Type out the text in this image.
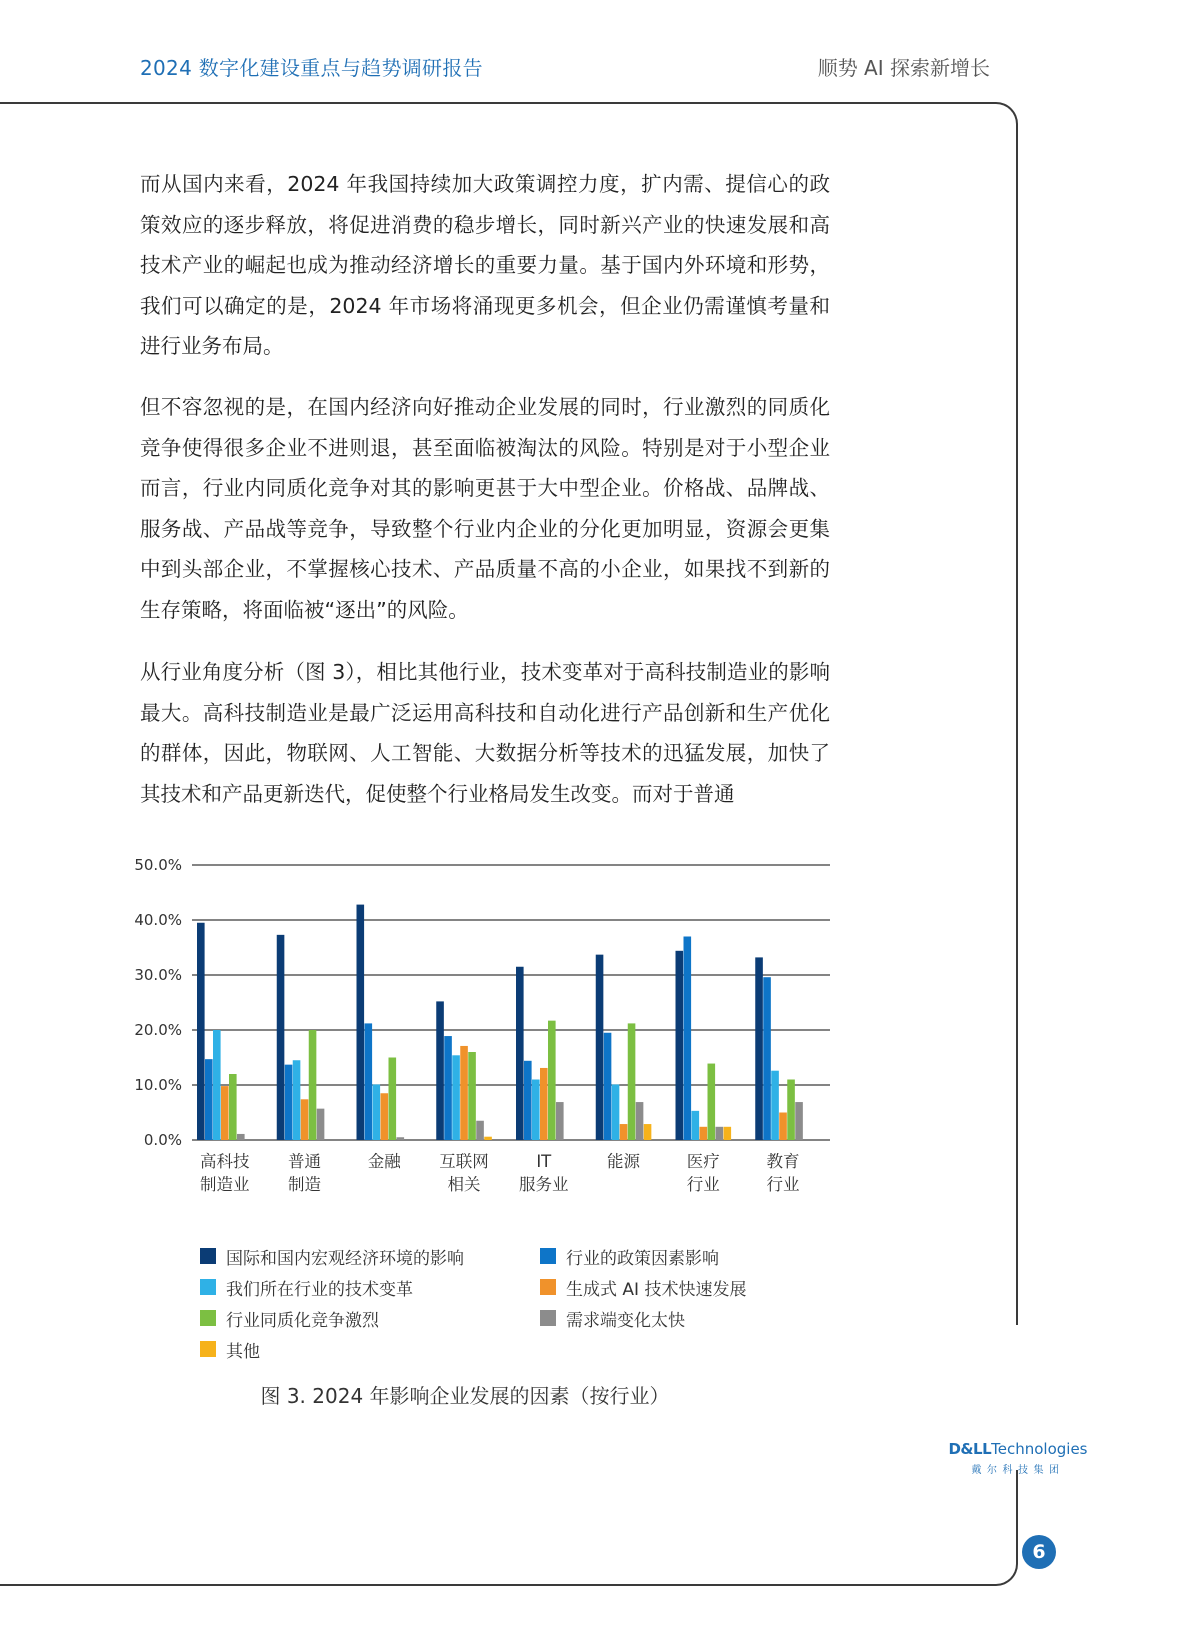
2024 数字化建设重点与趋势调研报告	顺势 AI 探索新增长

而从国内来看，2024 年我国持续加大政策调控力度，扩内需、提信心的政策效应的逐步释放，将促进消费的稳步增长，同时新兴产业的快速发展和高技术产业的崛起也成为推动经济增长的重要力量。基于国内外环境和形势，我们可以确定的是，2024 年市场将涌现更多机会，但企业仍需谨慎考量和进行业务布局。

但不容忽视的是，在国内经济向好推动企业发展的同时，行业激烈的同质化竞争使得很多企业不进则退，甚至面临被淘汰的风险。特别是对于小型企业而言，行业内同质化竞争对其的影响更甚于大中型企业。价格战、品牌战、服务战、产品战等竞争，导致整个行业内企业的分化更加明显，资源会更集中到头部企业，不掌握核心技术、产品质量不高的小企业，如果找不到新的生存策略，将面临被“逐出”的风险。

从行业角度分析（图 3），相比其他行业，技术变革对于高科技制造业的影响最大。高科技制造业是最广泛运用高科技和自动化进行产品创新和生产优化的群体，因此，物联网、人工智能、大数据分析等技术的迅猛发展，加快了其技术和产品更新迭代，促使整个行业格局发生改变。而对于普通

0.0%
10.0%
20.0%
30.0%
40.0%
50.0%
高科技
制造业
普通
制造
金融 互联网
相关
IT
服务业
能源	医疗
行业
教育
行业
国际和国内宏观经济环境的影响	行业的政策因素影响
我们所在行业的技术变革	生成式 AI 技术快速发展
行业同质化竞争激烈	需求端变化太快
其他
图 3. 2024 年影响企业发展的因素（按行业）
D&LLTechnologies
戴尔科技集团
6
